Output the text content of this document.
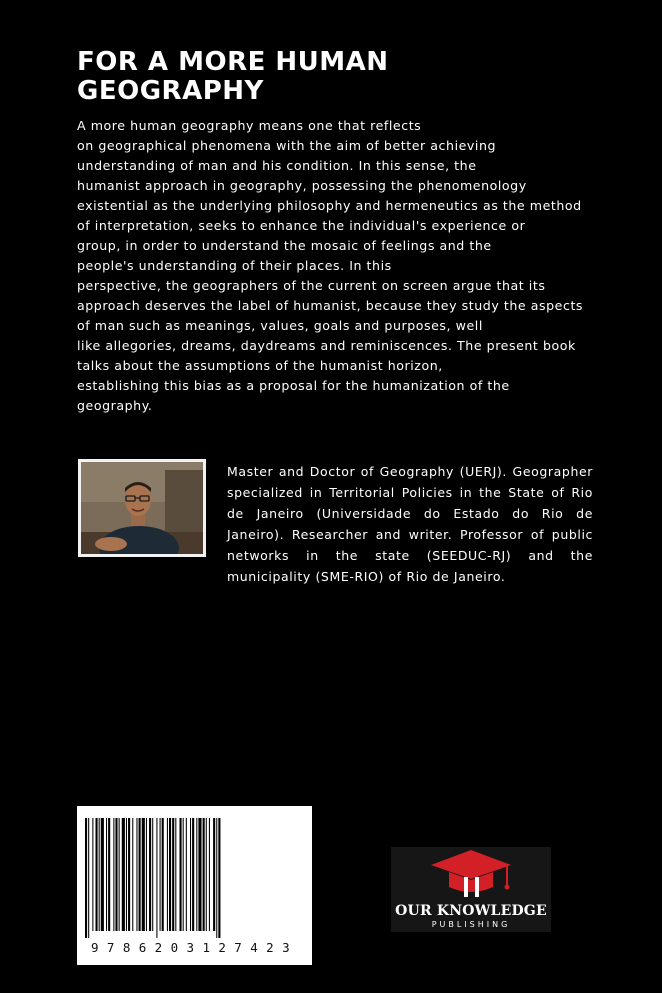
FOR A MORE HUMAN GEOGRAPHY
A more human geography means one that reflects
on geographical phenomena with the aim of better achieving
understanding of man and his condition. In this sense, the
humanist approach in geography, possessing the phenomenology
existential as the underlying philosophy and hermeneutics as the method
of interpretation, seeks to enhance the individual's experience or
group, in order to understand the mosaic of feelings and the
people's understanding of their places. In this
perspective, the geographers of the current on screen argue that its
approach deserves the label of humanist, because they study the aspects
of man such as meanings, values, goals and purposes, well
like allegories, dreams, daydreams and reminiscences. The present book
talks about the assumptions of the humanist horizon,
establishing this bias as a proposal for the humanization of the
geography.
Master and Doctor of Geography (UERJ). Geographer specialized in Territorial Policies in the State of Rio de Janeiro (Universidade do Estado do Rio de Janeiro). Researcher and writer. Professor of public networks in the state (SEEDUC-RJ) and the municipality (SME-RIO) of Rio de Janeiro.
9786203127423
OUR KNOWLEDGE
PUBLISHING
